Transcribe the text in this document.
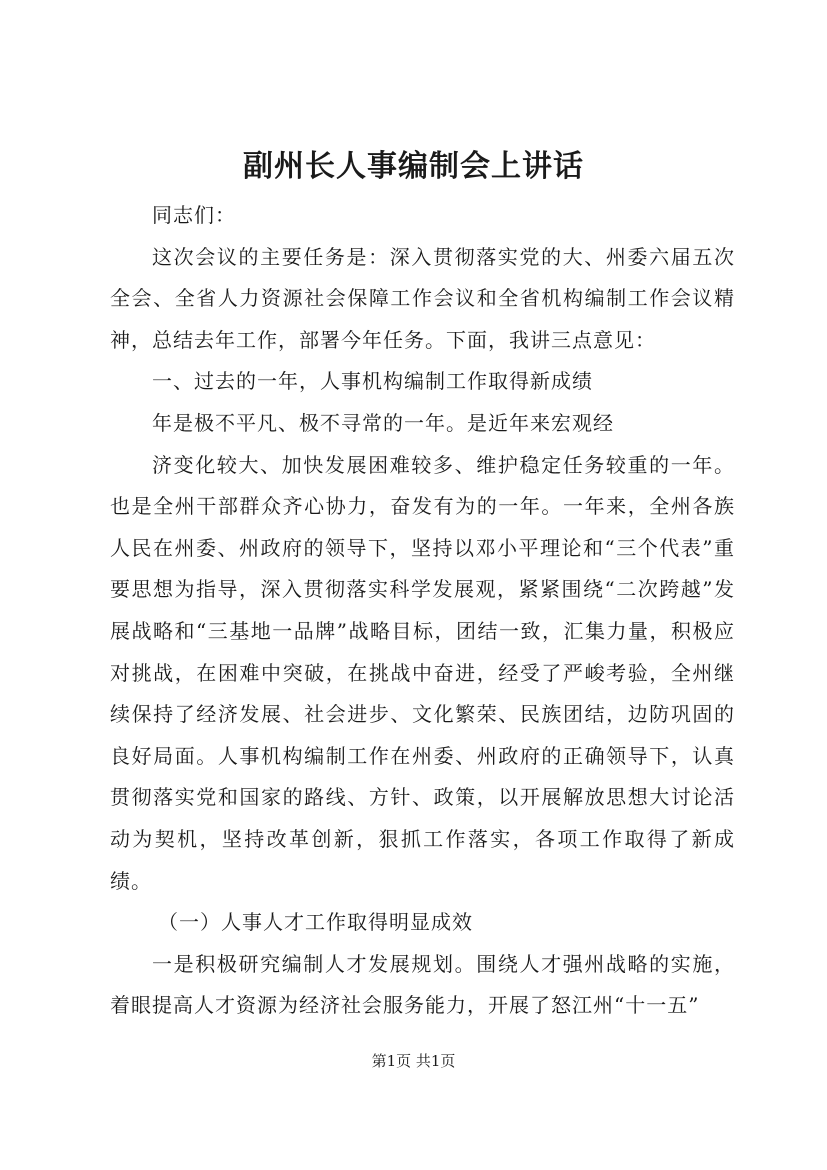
副州长人事编制会上讲话

同志们：

这次会议的主要任务是：深入贯彻落实党的大、州委六届五次全会、全省人力资源社会保障工作会议和全省机构编制工作会议精神，总结去年工作，部署今年任务。下面，我讲三点意见：

一、过去的一年，人事机构编制工作取得新成绩

年是极不平凡、极不寻常的一年。是近年来宏观经

济变化较大、加快发展困难较多、维护稳定任务较重的一年。也是全州干部群众齐心协力，奋发有为的一年。一年来，全州各族人民在州委、州政府的领导下，坚持以邓小平理论和“三个代表”重要思想为指导，深入贯彻落实科学发展观，紧紧围绕“二次跨越”发展战略和“三基地一品牌”战略目标，团结一致，汇集力量，积极应对挑战，在困难中突破，在挑战中奋进，经受了严峻考验，全州继续保持了经济发展、社会进步、文化繁荣、民族团结，边防巩固的良好局面。人事机构编制工作在州委、州政府的正确领导下，认真贯彻落实党和国家的路线、方针、政策，以开展解放思想大讨论活动为契机，坚持改革创新，狠抓工作落实，各项工作取得了新成绩。

（一）人事人才工作取得明显成效

一是积极研究编制人才发展规划。围绕人才强州战略的实施，着眼提高人才资源为经济社会服务能力，开展了怒江州“十一五”

第1页 共1页
